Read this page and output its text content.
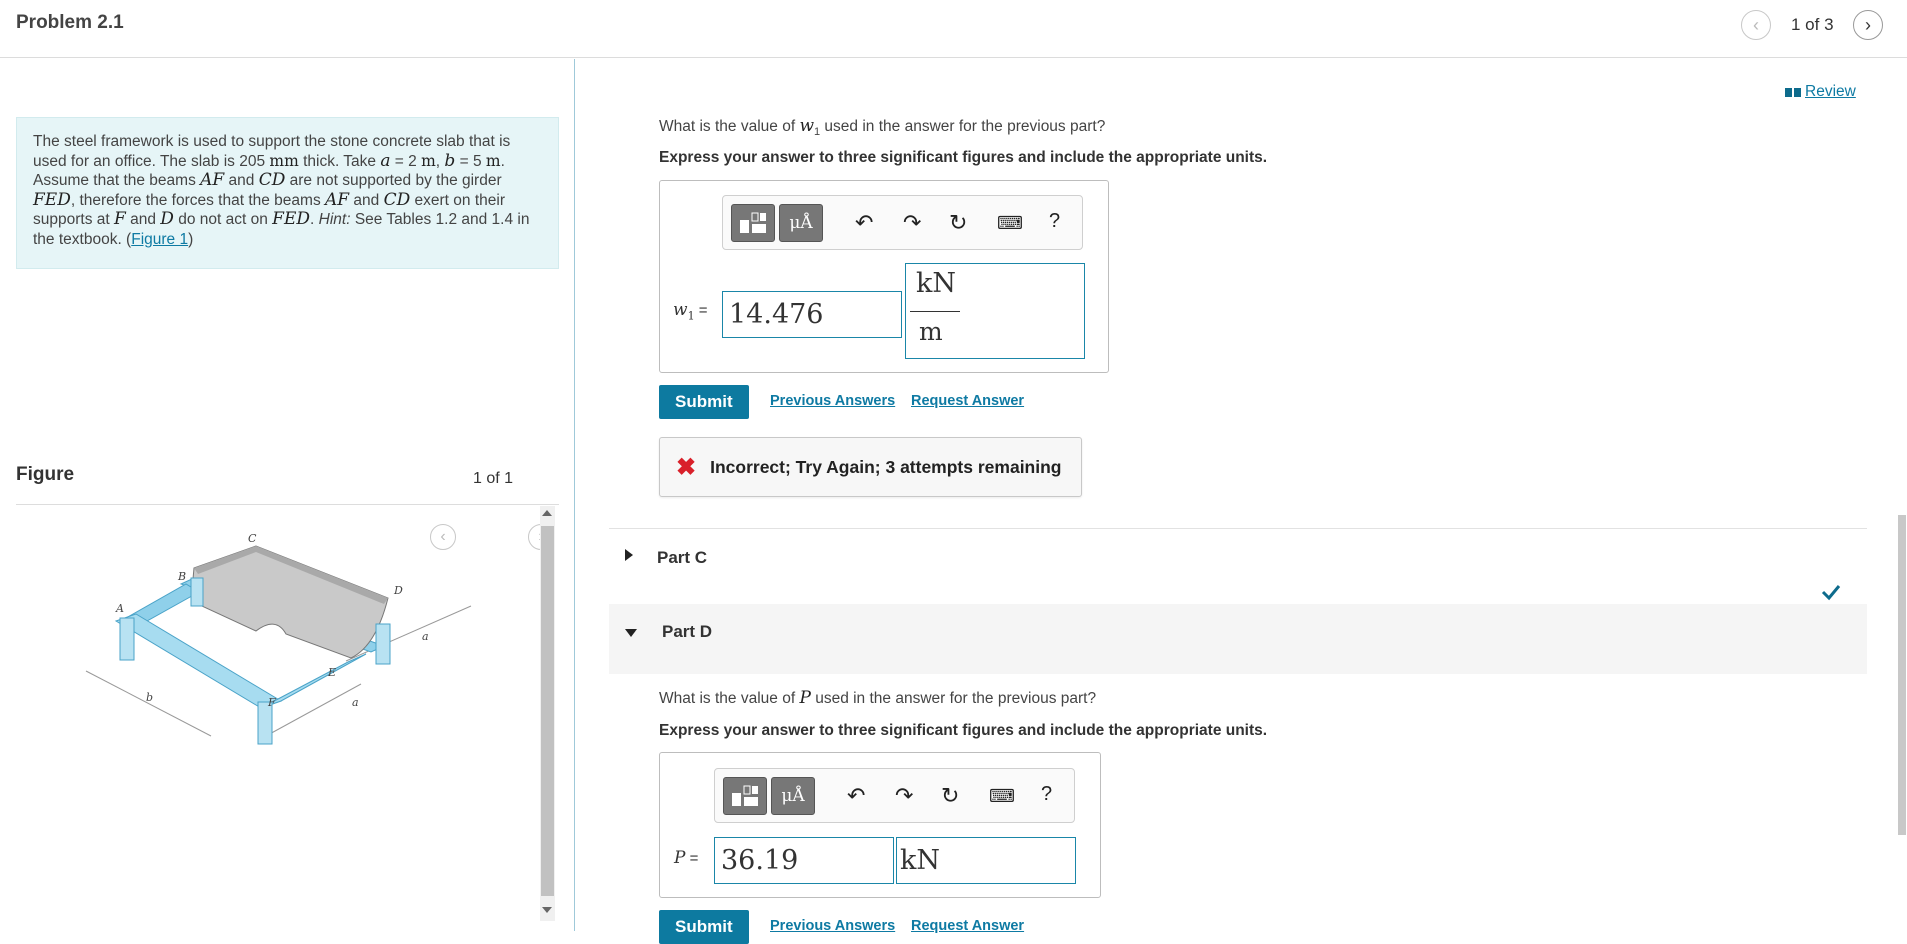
Problem 2.1	‹ 1 of 3 ›
The steel framework is used to support the stone concrete slab that is used for an office. The slab is 205 mm thick. Take a = 2 m, b = 5 m. Assume that the beams AF and CD are not supported by the girder FED, therefore the forces that the beams AF and CD exert on their supports at F and D do not act on FED. Hint: See Tables 1.2 and 1.4 in the textbook. (Figure 1)
Figure
‹
1 of 1
A
B
C
D
E
F
a
a
b
Review
What is the value of $w_1$ used in the answer for the previous part?
Express your answer to three significant figures and include the appropriate units.
μÅ ↶ ↷ ↻ ⌨ ?
$w_1 = 14.476$
kN
m
Submit	Previous Answers Request Answer
✖ Incorrect; Try Again; 3 attempts remaining
Part C
Part D
What is the value of P used in the answer for the previous part?
Express your answer to three significant figures and include the appropriate units.
μÅ ↶ ↷ ↻ ⌨ ?
P = 36.19	kN
Submit	Previous Answers Request Answer
